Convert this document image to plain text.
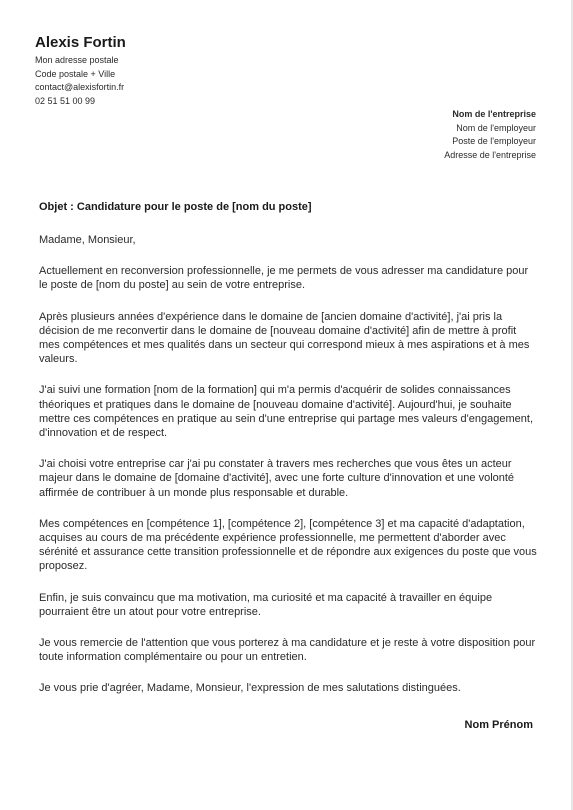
Alexis Fortin
Mon adresse postale
Code postale + Ville
contact@alexisfortin.fr
02 51 51 00 99
Nom de l'entreprise
Nom de l'employeur
Poste de l'employeur
Adresse de l'entreprise
Objet : Candidature pour le poste de [nom du poste]

Madame, Monsieur,

Actuellement en reconversion professionnelle, je me permets de vous adresser ma candidature pour le poste de [nom du poste] au sein de votre entreprise.

Après plusieurs années d'expérience dans le domaine de [ancien domaine d'activité], j'ai pris la décision de me reconvertir dans le domaine de [nouveau domaine d'activité] afin de mettre à profit mes compétences et mes qualités dans un secteur qui correspond mieux à mes aspirations et à mes valeurs.

J'ai suivi une formation [nom de la formation] qui m'a permis d'acquérir de solides connaissances théoriques et pratiques dans le domaine de [nouveau domaine d'activité]. Aujourd'hui, je souhaite mettre ces compétences en pratique au sein d'une entreprise qui partage mes valeurs d'engagement, d'innovation et de respect.

J'ai choisi votre entreprise car j'ai pu constater à travers mes recherches que vous êtes un acteur majeur dans le domaine de [domaine d'activité], avec une forte culture d'innovation et une volonté affirmée de contribuer à un monde plus responsable et durable.

Mes compétences en [compétence 1], [compétence 2], [compétence 3] et ma capacité d'adaptation, acquises au cours de ma précédente expérience professionnelle, me permettent d'aborder avec sérénité et assurance cette transition professionnelle et de répondre aux exigences du poste que vous proposez.

Enfin, je suis convaincu que ma motivation, ma curiosité et ma capacité à travailler en équipe pourraient être un atout pour votre entreprise.

Je vous remercie de l'attention que vous porterez à ma candidature et je reste à votre disposition pour toute information complémentaire ou pour un entretien.

Je vous prie d'agréer, Madame, Monsieur, l'expression de mes salutations distinguées.

Nom Prénom
